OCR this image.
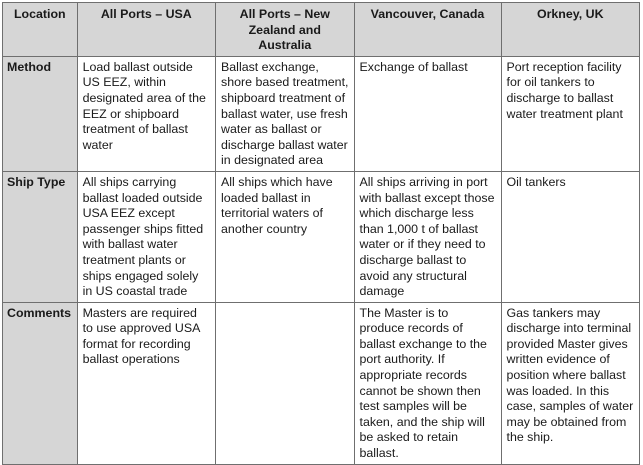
Location	All Ports – USA	All Ports – New Zealand and Australia	Vancouver, Canada	Orkney, UK
Method	Load ballast outside US EEZ, within designated area of the EEZ or shipboard treatment of ballast water	Ballast exchange, shore based treatment, shipboard treatment of ballast water, use fresh water as ballast or discharge ballast water in designated area	Exchange of ballast	Port reception facility for oil tankers to discharge to ballast water treatment plant
Ship Type	All ships carrying ballast loaded outside USA EEZ except passenger ships fitted with ballast water treatment plants or ships engaged solely in US coastal trade	All ships which have loaded ballast in territorial waters of another country	All ships arriving in port with ballast except those which discharge less than 1,000 t of ballast water or if they need to discharge ballast to avoid any structural damage	Oil tankers
Comments	Masters are required to use approved USA format for recording ballast operations		The Master is to produce records of ballast exchange to the port authority. If appropriate records cannot be shown then test samples will be taken, and the ship will be asked to retain ballast.	Gas tankers may discharge into terminal provided Master gives written evidence of position where ballast was loaded. In this case, samples of water may be obtained from the ship.
